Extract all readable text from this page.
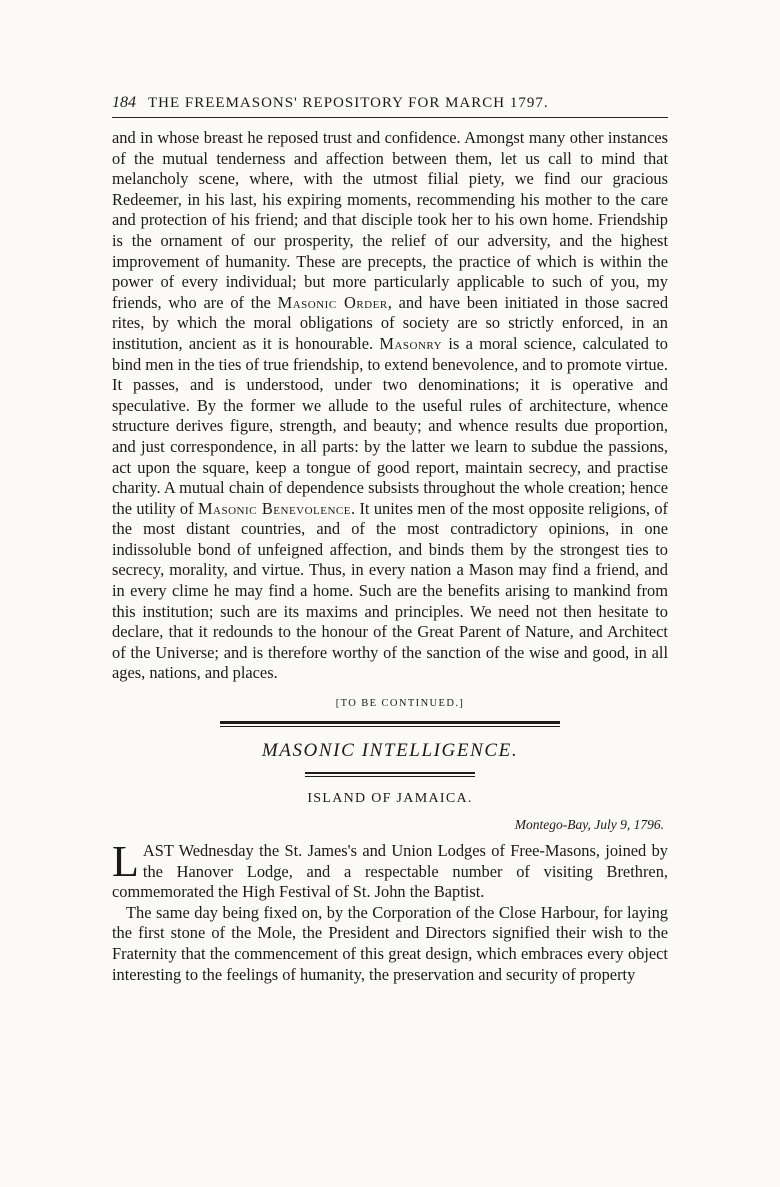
184 THE FREEMASONS' REPOSITORY FOR MARCH 1797.

and in whose breast he reposed trust and confidence. Amongst many other instances of the mutual tenderness and affection between them, let us call to mind that melancholy scene, where, with the utmost filial piety, we find our gracious Redeemer, in his last, his expiring moments, recommending his mother to the care and protection of his friend; and that disciple took her to his own home. Friendship is the ornament of our prosperity, the relief of our adversity, and the highest improvement of humanity. These are precepts, the practice of which is within the power of every individual; but more particularly applicable to such of you, my friends, who are of the Masonic Order, and have been initiated in those sacred rites, by which the moral obligations of society are so strictly enforced, in an institution, ancient as it is honourable. Masonry is a moral science, calculated to bind men in the ties of true friendship, to extend benevolence, and to promote virtue. It passes, and is understood, under two denominations; it is operative and speculative. By the former we allude to the useful rules of architecture, whence structure derives figure, strength, and beauty; and whence results due proportion, and just correspondence, in all parts: by the latter we learn to subdue the passions, act upon the square, keep a tongue of good report, maintain secrecy, and practise charity. A mutual chain of dependence subsists throughout the whole creation; hence the utility of Masonic Benevolence. It unites men of the most opposite religions, of the most distant countries, and of the most contradictory opinions, in one indissoluble bond of unfeigned affection, and binds them by the strongest ties to secrecy, morality, and virtue. Thus, in every nation a Mason may find a friend, and in every clime he may find a home. Such are the benefits arising to mankind from this institution; such are its maxims and principles. We need not then hesitate to declare, that it redounds to the honour of the Great Parent of Nature, and Architect of the Universe; and is therefore worthy of the sanction of the wise and good, in all ages, nations, and places.

[TO BE CONTINUED.]
MASONIC INTELLIGENCE.
ISLAND OF JAMAICA.
Montego-Bay, July 9, 1796.

LAST Wednesday the St. James's and Union Lodges of Free-Masons, joined by the Hanover Lodge, and a respectable number of visiting Brethren, commemorated the High Festival of St. John the Baptist.

The same day being fixed on, by the Corporation of the Close Harbour, for laying the first stone of the Mole, the President and Directors signified their wish to the Fraternity that the commencement of this great design, which embraces every object interesting to the feelings of humanity, the preservation and security of property
